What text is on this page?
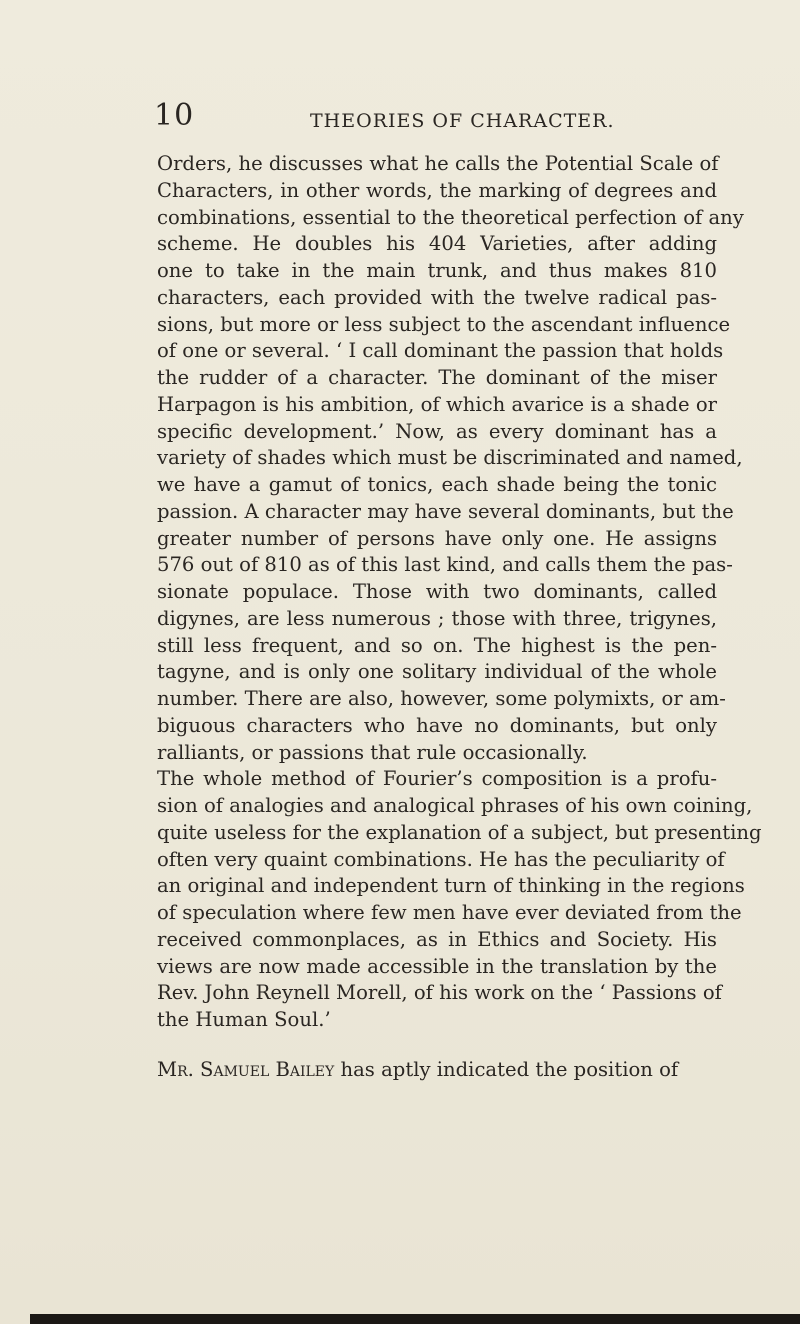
10	THEORIES OF CHARACTER.
Orders, he discusses what he calls the Potential Scale of
Characters, in other words, the marking of degrees and
combinations, essential to the theoretical perfection of any
scheme. He doubles his 404 Varieties, after adding
one to take in the main trunk, and thus makes 810
characters, each provided with the twelve radical pas-
sions, but more or less subject to the ascendant influence
of one or several. ‘ I call dominant the passion that holds
the rudder of a character. The dominant of the miser
Harpagon is his ambition, of which avarice is a shade or
specific development.’ Now, as every dominant has a
variety of shades which must be discriminated and named,
we have a gamut of tonics, each shade being the tonic
passion. A character may have several dominants, but the
greater number of persons have only one. He assigns
576 out of 810 as of this last kind, and calls them the pas-
sionate populace. Those with two dominants, called
digynes, are less numerous ; those with three, trigynes,
still less frequent, and so on. The highest is the pen-
tagyne, and is only one solitary individual of the whole
number. There are also, however, some polymixts, or am-
biguous characters who have no dominants, but only
ralliants, or passions that rule occasionally.
The whole method of Fourier’s composition is a profu-
sion of analogies and analogical phrases of his own coining,
quite useless for the explanation of a subject, but presenting
often very quaint combinations. He has the peculiarity of
an original and independent turn of thinking in the regions
of speculation where few men have ever deviated from the
received commonplaces, as in Ethics and Society. His
views are now made accessible in the translation by the
Rev. John Reynell Morell, of his work on the ‘ Passions of
the Human Soul.’
Mr. Samuel Bailey has aptly indicated the position of
